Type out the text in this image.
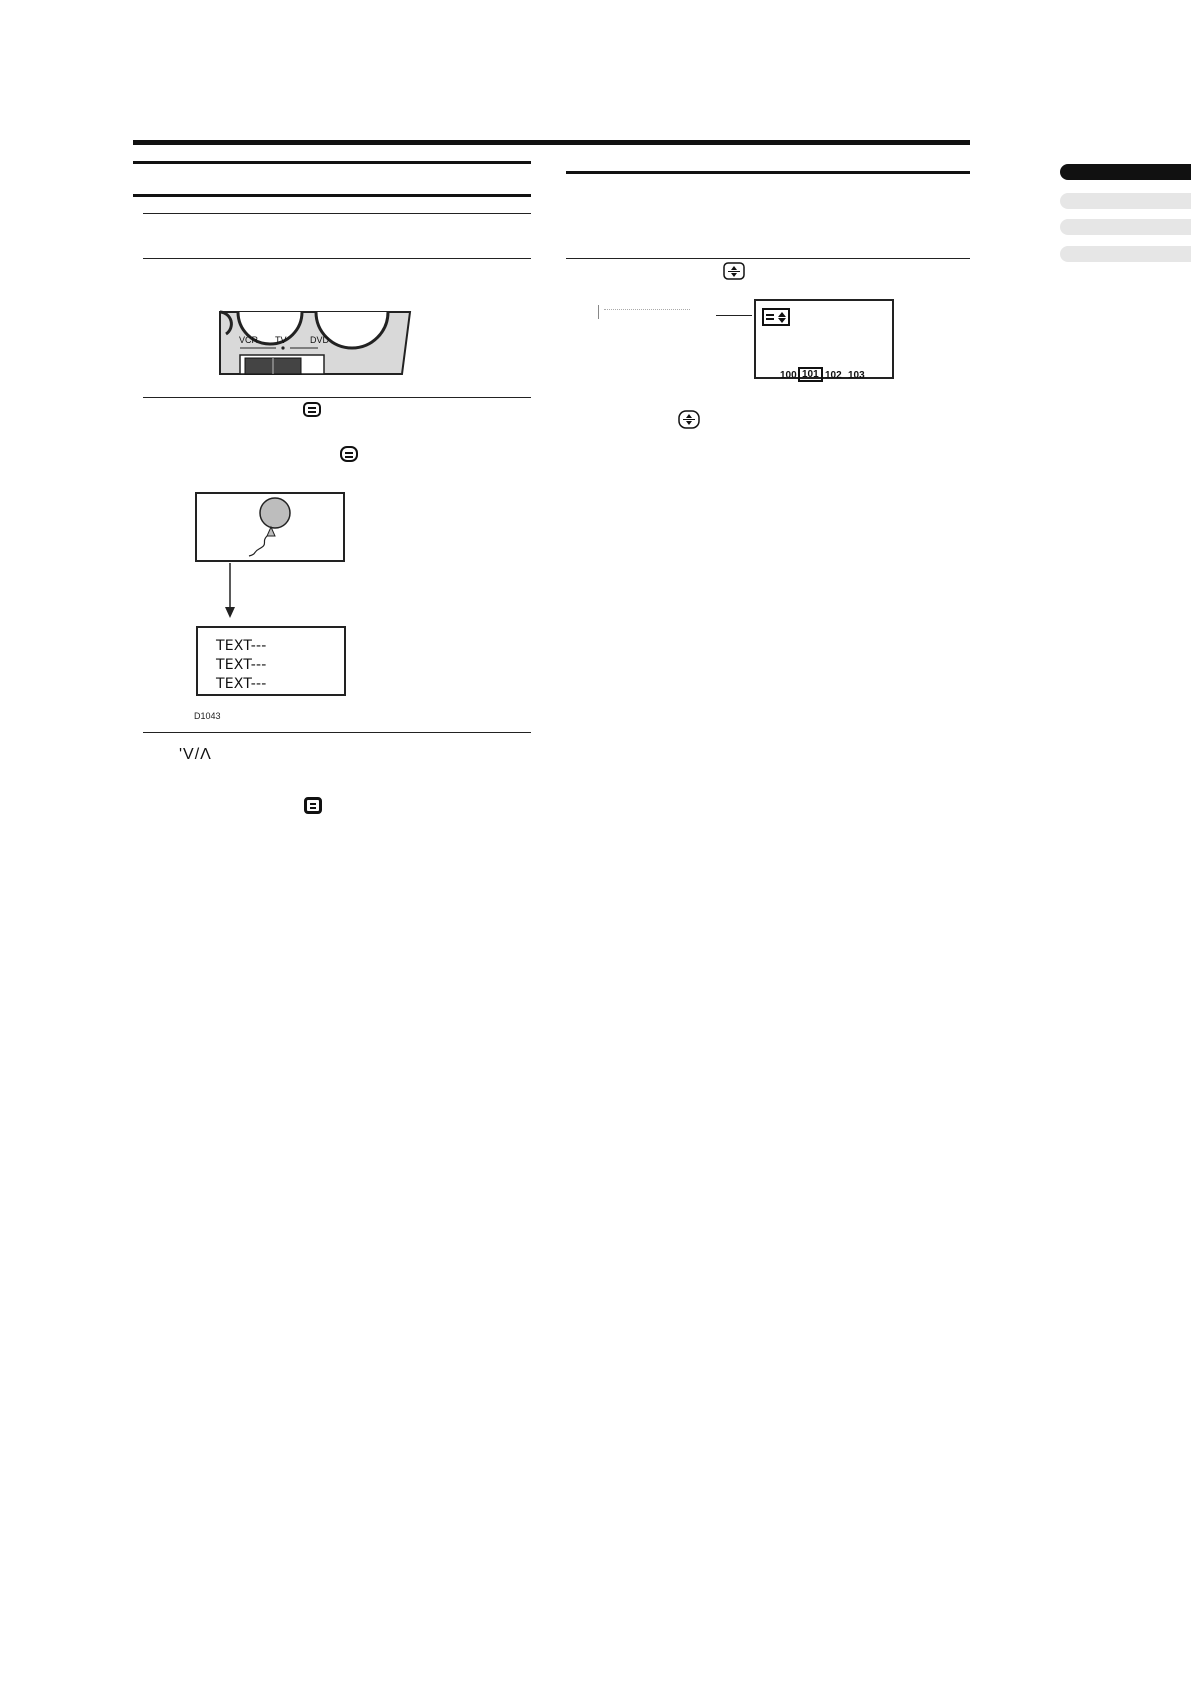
VCR TV	DVD
TEXT---
TEXT---
TEXT---
D1043
'V/Λ
100 101 102 103
